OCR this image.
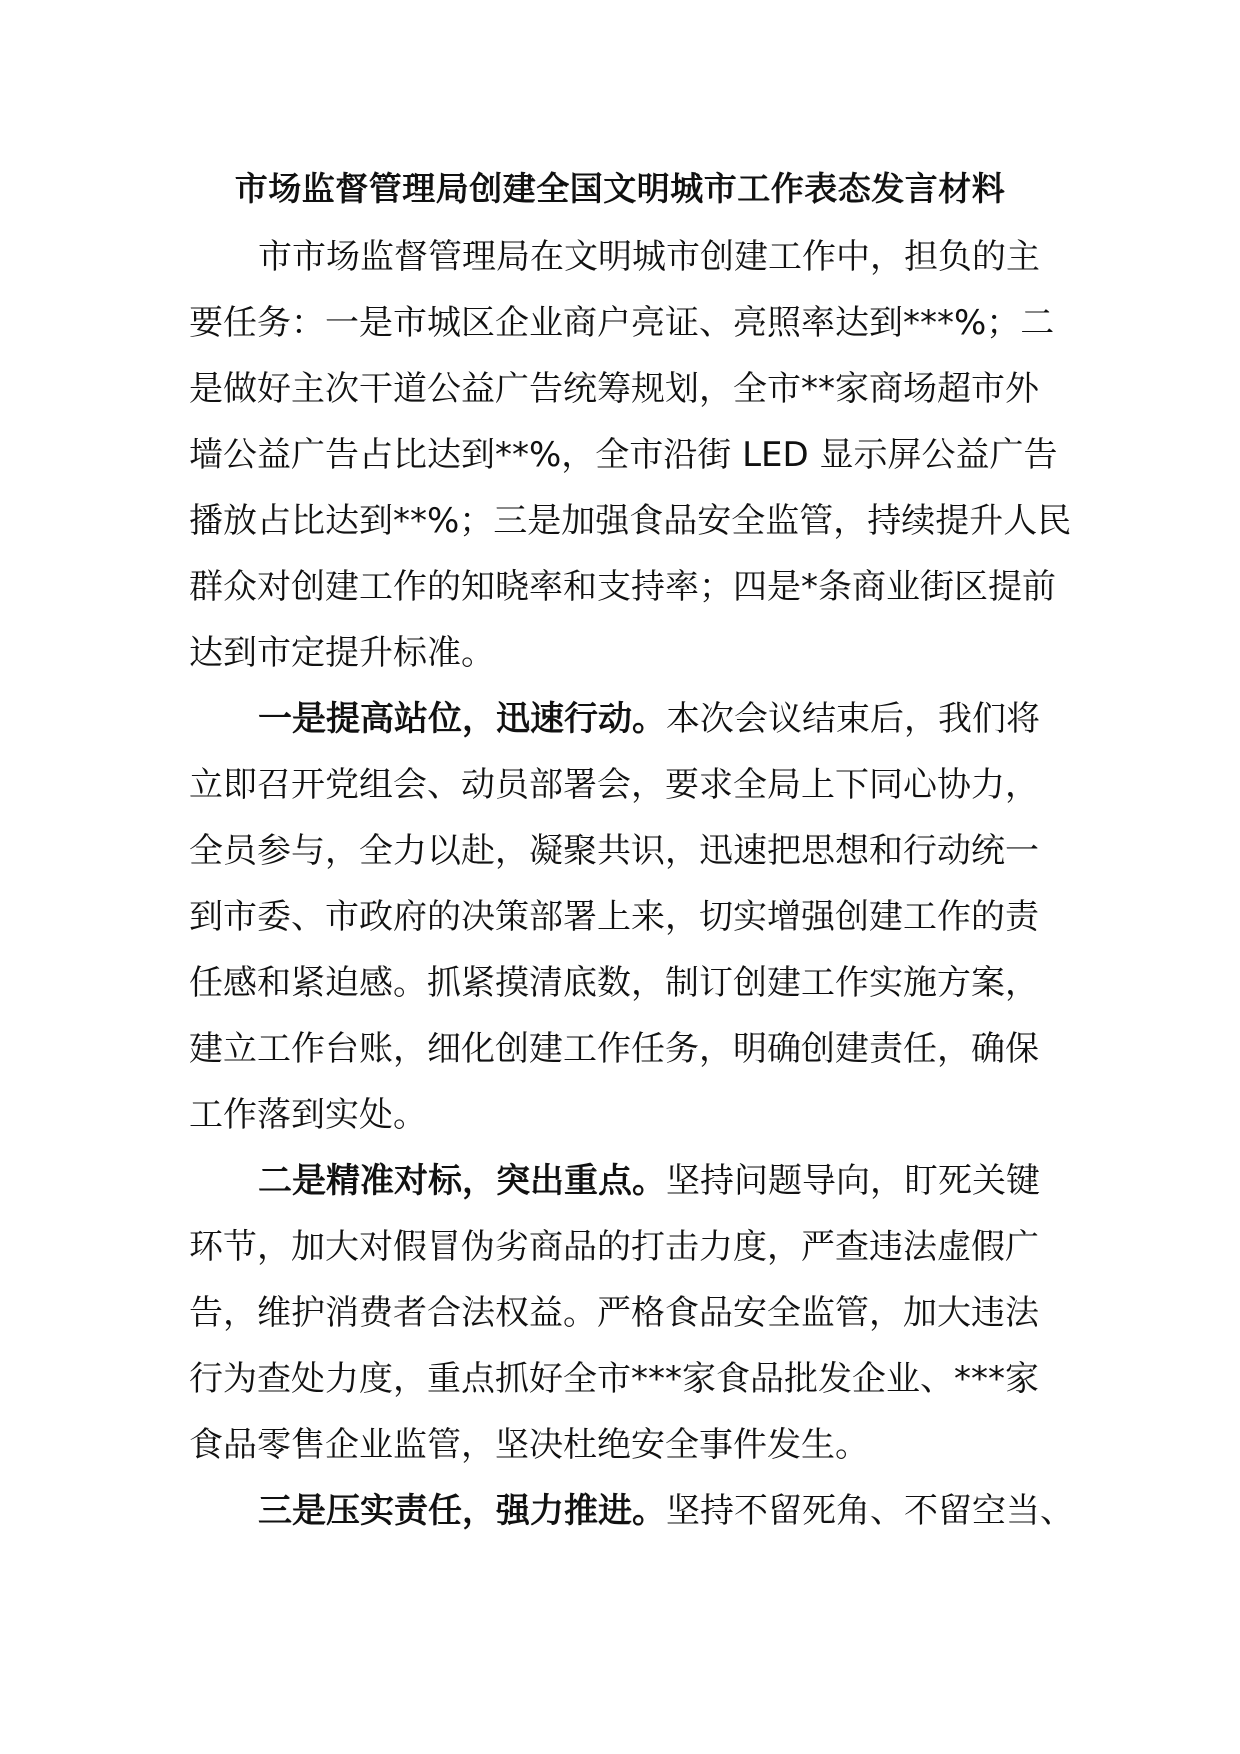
市场监督管理局创建全国文明城市工作表态发言材料
市市场监督管理局在文明城市创建工作中，担负的主
要任务：一是市城区企业商户亮证、亮照率达到***%；二
是做好主次干道公益广告统筹规划，全市**家商场超市外
墙公益广告占比达到**%，全市沿街 LED 显示屏公益广告
播放占比达到**%；三是加强食品安全监管，持续提升人民
群众对创建工作的知晓率和支持率；四是*条商业街区提前
达到市定提升标准。
一是提高站位，迅速行动。本次会议结束后，我们将
立即召开党组会、动员部署会，要求全局上下同心协力，
全员参与，全力以赴，凝聚共识，迅速把思想和行动统一
到市委、市政府的决策部署上来，切实增强创建工作的责
任感和紧迫感。抓紧摸清底数，制订创建工作实施方案，
建立工作台账，细化创建工作任务，明确创建责任，确保
工作落到实处。
二是精准对标，突出重点。坚持问题导向，盯死关键
环节，加大对假冒伪劣商品的打击力度，严查违法虚假广
告，维护消费者合法权益。严格食品安全监管，加大违法
行为查处力度，重点抓好全市***家食品批发企业、***家
食品零售企业监管，坚决杜绝安全事件发生。
三是压实责任，强力推进。坚持不留死角、不留空当、
